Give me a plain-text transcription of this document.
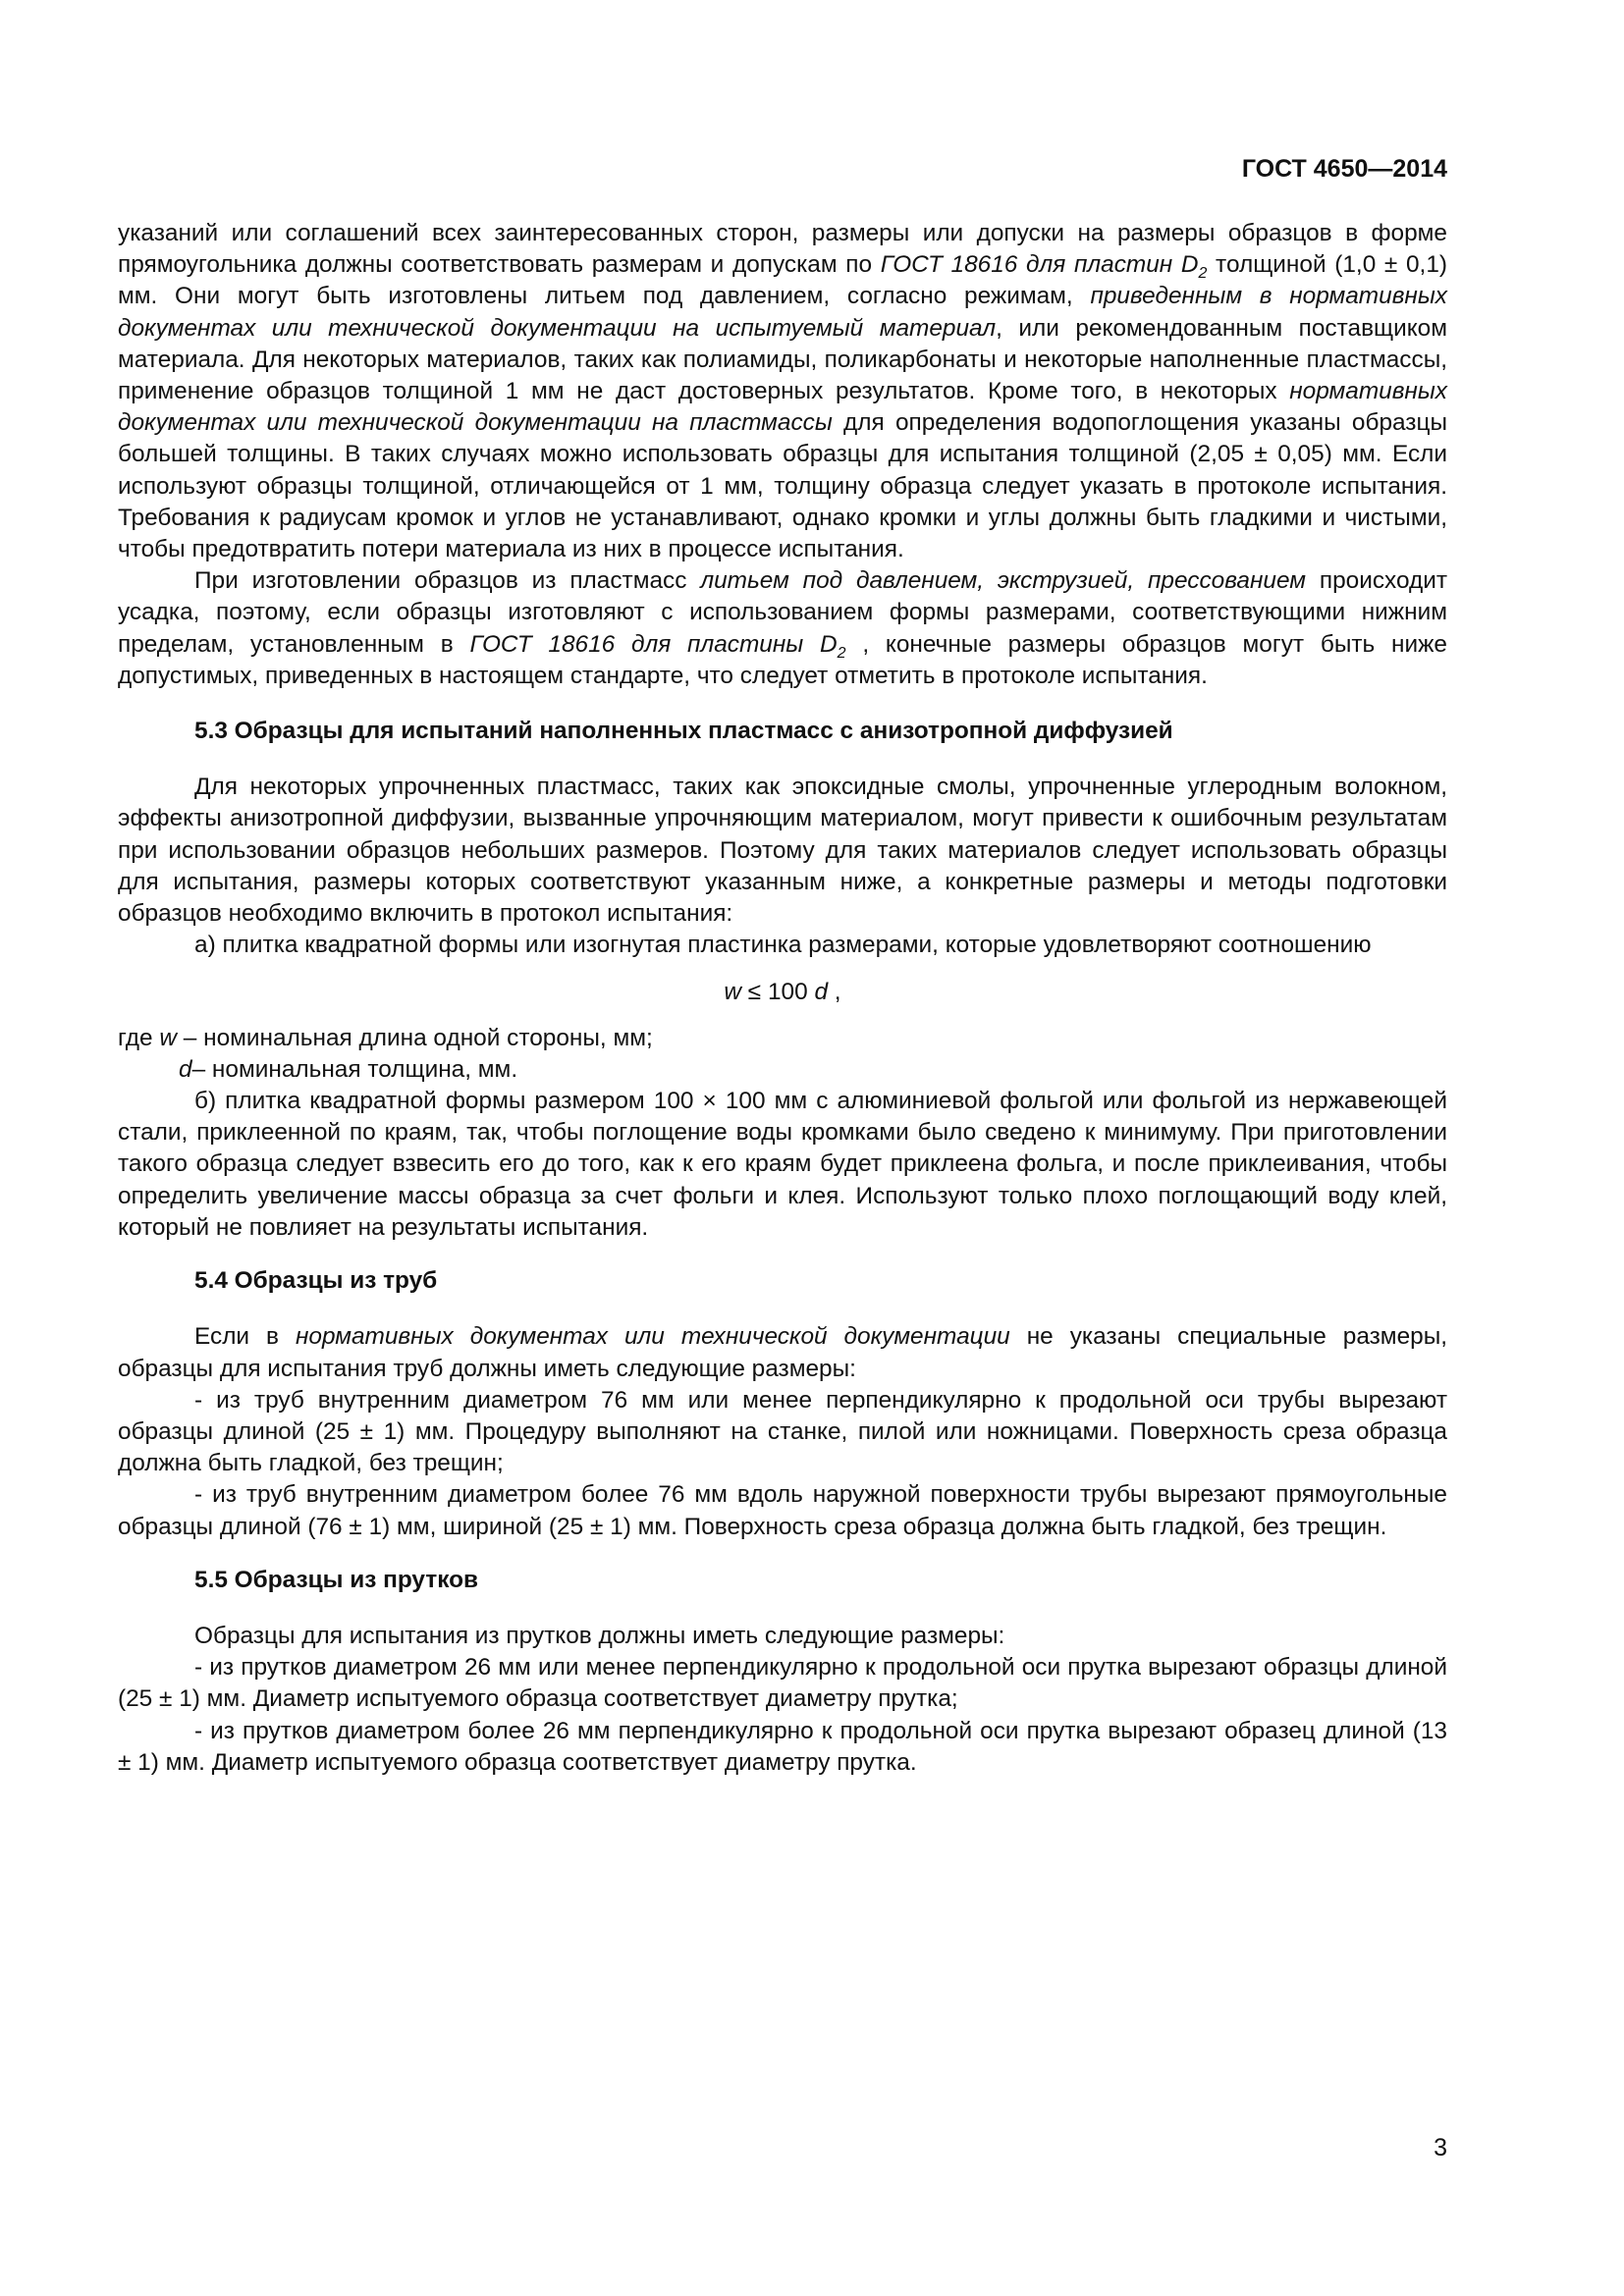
ГОСТ 4650—2014

указаний или соглашений всех заинтересованных сторон, размеры или допуски на размеры образцов в форме прямоугольника должны соответствовать размерам и допускам по ГОСТ 18616 для пластин $D_2$ толщиной (1,0 ± 0,1) мм. Они могут быть изготовлены литьем под давлением, согласно режимам, приведенным в нормативных документах или технической документации на испытуемый материал, или рекомендованным поставщиком материала. Для некоторых материалов, таких как полиамиды, поликарбонаты и некоторые наполненные пластмассы, применение образцов толщиной 1 мм не даст достоверных результатов. Кроме того, в некоторых нормативных документах или технической документации на пластмассы для определения водопоглощения указаны образцы большей толщины. В таких случаях можно использовать образцы для испытания толщиной (2,05 ± 0,05) мм. Если используют образцы толщиной, отличающейся от 1 мм, толщину образца следует указать в протоколе испытания. Требования к радиусам кромок и углов не устанавливают, однако кромки и углы должны быть гладкими и чистыми, чтобы предотвратить потери материала из них в процессе испытания.

При изготовлении образцов из пластмасс литьем под давлением, экструзией, прессованием происходит усадка, поэтому, если образцы изготовляют с использованием формы размерами, соответствующими нижним пределам, установленным в ГОСТ 18616 для пластины $D_2$ , конечные размеры образцов могут быть ниже допустимых, приведенных в настоящем стандарте, что следует отметить в протоколе испытания.

5.3 Образцы для испытаний наполненных пластмасс с анизотропной диффузией

Для некоторых упрочненных пластмасс, таких как эпоксидные смолы, упрочненные углеродным волокном, эффекты анизотропной диффузии, вызванные упрочняющим материалом, могут привести к ошибочным результатам при использовании образцов небольших размеров. Поэтому для таких материалов следует использовать образцы для испытания, размеры которых соответствуют указанным ниже, а конкретные размеры и методы подготовки образцов необходимо включить в протокол испытания:

а) плитка квадратной формы или изогнутая пластинка размерами, которые удовлетворяют соотношению

w ≤ 100 d ,

где w – номинальная длина одной стороны, мм;

d– номинальная толщина, мм.

б) плитка квадратной формы размером 100 × 100 мм с алюминиевой фольгой или фольгой из нержавеющей стали, приклеенной по краям, так, чтобы поглощение воды кромками было сведено к минимуму. При приготовлении такого образца следует взвесить его до того, как к его краям будет приклеена фольга, и после приклеивания, чтобы определить увеличение массы образца за счет фольги и клея. Используют только плохо поглощающий воду клей, который не повлияет на результаты испытания.

5.4 Образцы из труб

Если в нормативных документах или технической документации не указаны специальные размеры, образцы для испытания труб должны иметь следующие размеры:

- из труб внутренним диаметром 76 мм или менее перпендикулярно к продольной оси трубы вырезают образцы длиной (25 ± 1) мм. Процедуру выполняют на станке, пилой или ножницами. Поверхность среза образца должна быть гладкой, без трещин;

- из труб внутренним диаметром более 76 мм вдоль наружной поверхности трубы вырезают прямоугольные образцы длиной (76 ± 1) мм, шириной (25 ± 1) мм. Поверхность среза образца должна быть гладкой, без трещин.

5.5 Образцы из прутков

Образцы для испытания из прутков должны иметь следующие размеры:

- из прутков диаметром 26 мм или менее перпендикулярно к продольной оси прутка вырезают образцы длиной (25 ± 1) мм. Диаметр испытуемого образца соответствует диаметру прутка;

- из прутков диаметром более 26 мм перпендикулярно к продольной оси прутка вырезают образец длиной (13 ± 1) мм. Диаметр испытуемого образца соответствует диаметру прутка.

3
